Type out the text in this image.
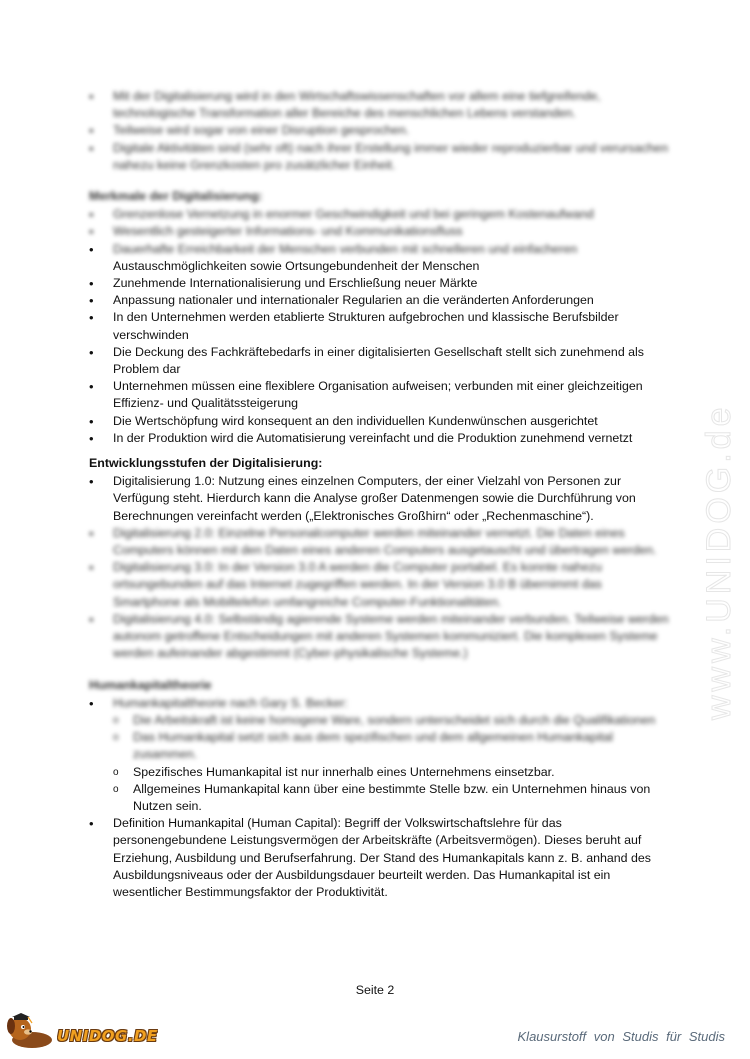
www.UNIDOG.de
• Mit der Digitalisierung wird in den Wirtschaftswissenschaften vor allem eine tiefgreifende, technologische Transformation aller Bereiche des menschlichen Lebens verstanden.
• Teilweise wird sogar von einer Disruption gesprochen.
• Digitale Aktivitäten sind (sehr oft) nach ihrer Erstellung immer wieder reproduzierbar und verursachen nahezu keine Grenzkosten pro zusätzlicher Einheit.
Merkmale der Digitalisierung:
• Grenzenlose Vernetzung in enormer Geschwindigkeit und bei geringem Kostenaufwand
• Wesentlich gesteigerter Informations- und Kommunikationsfluss
• Dauerhafte Erreichbarkeit der Menschen verbunden mit schnelleren und einfacheren
Austauschmöglichkeiten sowie Ortsungebundenheit der Menschen
• Zunehmende Internationalisierung und Erschließung neuer Märkte
• Anpassung nationaler und internationaler Regularien an die veränderten Anforderungen
• In den Unternehmen werden etablierte Strukturen aufgebrochen und klassische Berufsbilder verschwinden
• Die Deckung des Fachkräftebedarfs in einer digitalisierten Gesellschaft stellt sich zunehmend als Problem dar
• Unternehmen müssen eine flexiblere Organisation aufweisen; verbunden mit einer gleichzeitigen Effizienz- und Qualitätssteigerung
• Die Wertschöpfung wird konsequent an den individuellen Kundenwünschen ausgerichtet
• In der Produktion wird die Automatisierung vereinfacht und die Produktion zunehmend vernetzt
Entwicklungsstufen der Digitalisierung:
• Digitalisierung 1.0: Nutzung eines einzelnen Computers, der einer Vielzahl von Personen zur Verfügung steht. Hierdurch kann die Analyse großer Datenmengen sowie die Durchführung von Berechnungen vereinfacht werden („Elektronisches Großhirn“ oder „Rechenmaschine“).
• Digitalisierung 2.0: Einzelne Personalcomputer werden miteinander vernetzt. Die Daten eines Computers können mit den Daten eines anderen Computers ausgetauscht und übertragen werden.
• Digitalisierung 3.0: In der Version 3.0 A werden die Computer portabel. Es konnte nahezu ortsungebunden auf das Internet zugegriffen werden. In der Version 3.0 B übernimmt das Smartphone als Mobiltelefon umfangreiche Computer-Funktionalitäten.
• Digitalisierung 4.0: Selbständig agierende Systeme werden miteinander verbunden. Teilweise werden autonom getroffene Entscheidungen mit anderen Systemen kommuniziert. Die komplexen Systeme werden aufeinander abgestimmt (Cyber-physikalische Systeme.)
Humankapitaltheorie
• Humankapitaltheorie nach Gary S. Becker:
o Die Arbeitskraft ist keine homogene Ware, sondern unterscheidet sich durch die Qualifikationen
o Das Humankapital setzt sich aus dem spezifischen und dem allgemeinen Humankapital zusammen.
o Spezifisches Humankapital ist nur innerhalb eines Unternehmens einsetzbar.
o Allgemeines Humankapital kann über eine bestimmte Stelle bzw. ein Unternehmen hinaus von Nutzen sein.
• Definition Humankapital (Human Capital): Begriff der Volkswirtschaftslehre für das personengebundene Leistungsvermögen der Arbeitskräfte (Arbeitsvermögen). Dieses beruht auf Erziehung, Ausbildung und Berufserfahrung. Der Stand des Humankapitals kann z. B. anhand des Ausbildungsniveaus oder der Ausbildungsdauer beurteilt werden. Das Humankapital ist ein wesentlicher Bestimmungsfaktor der Produktivität.
Seite 2
UNIDOG.DE	Klausurstoff von Studis für Studis
